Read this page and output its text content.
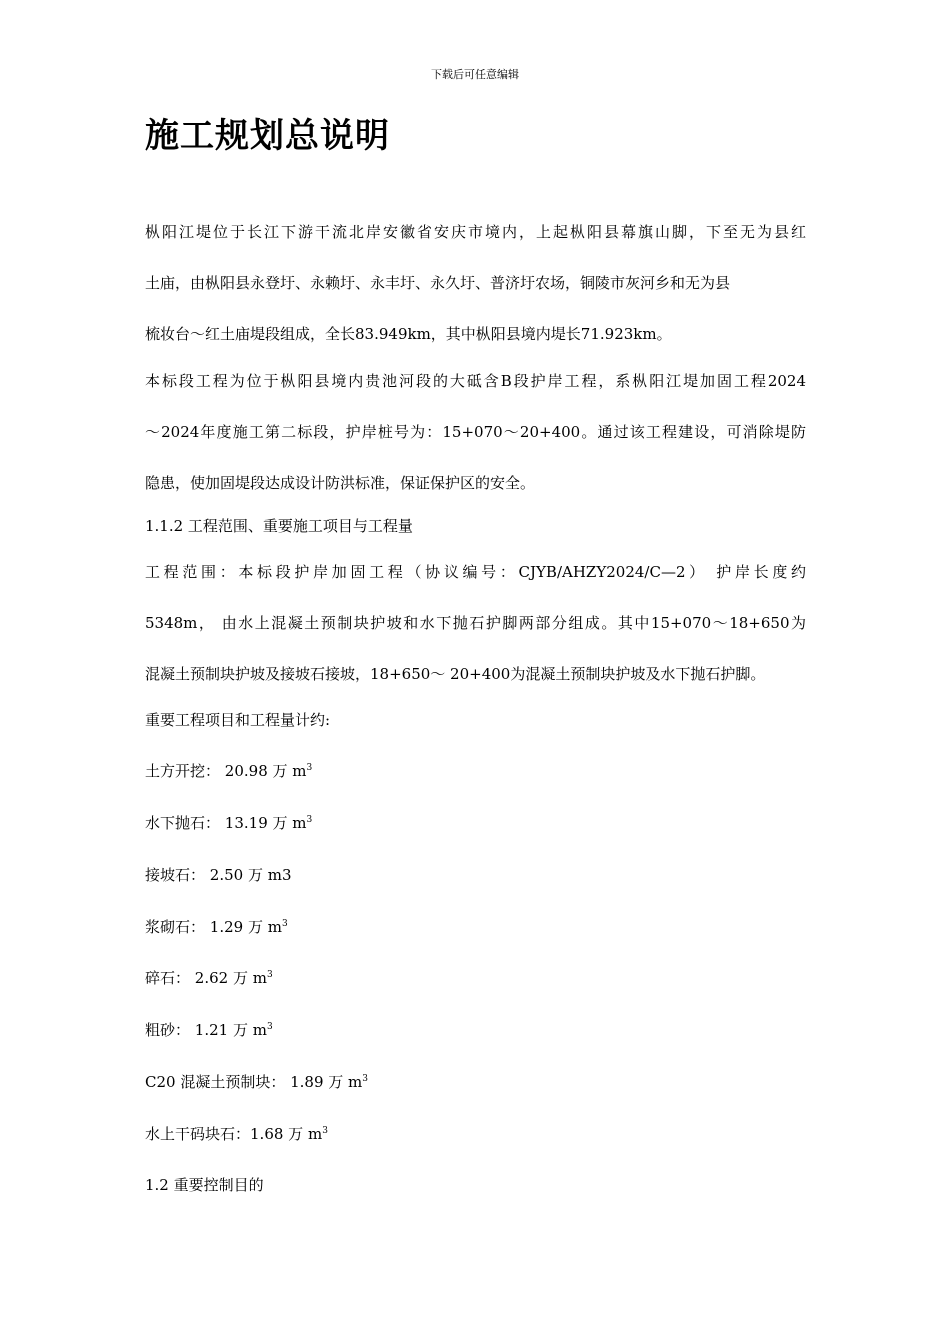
下载后可任意编辑
施工规划总说明
枞阳江堤位于长江下游干流北岸安徽省安庆市境内，上起枞阳县幕旗山脚，下至无为县红
土庙，由枞阳县永登圩、永赖圩、永丰圩、永久圩、普济圩农场，铜陵市灰河乡和无为县
梳妆台～红土庙堤段组成，全长83.949km，其中枞阳县境内堤长71.923km。
本标段工程为位于枞阳县境内贵池河段的大砥含B段护岸工程，系枞阳江堤加固工程2024
～2024年度施工第二标段，护岸桩号为：15+070～20+400。通过该工程建设，可消除堤防
隐患，使加固堤段达成设计防洪标准，保证保护区的安全。
1.1.2 工程范围、重要施工项目与工程量
工程范围：本标段护岸加固工程（协议编号：CJYB/AHZY2024/C—2） 护岸长度约
5348m， 由水上混凝土预制块护坡和水下抛石护脚两部分组成。其中15+070～18+650为
混凝土预制块护坡及接坡石接坡，18+650～ 20+400为混凝土预制块护坡及水下抛石护脚。
重要工程项目和工程量计约:
土方开挖： 20.98 万 $m^3$
水下抛石： 13.19 万 $m^3$
接坡石： 2.50 万 m3
浆砌石： 1.29 万 $m^3$
碎石： 2.62 万 $m^3$
粗砂： 1.21 万 $m^3$
C20 混凝土预制块： 1.89 万 $m^3$
水上干码块石：1.68 万 $m^3$
1.2 重要控制目的
